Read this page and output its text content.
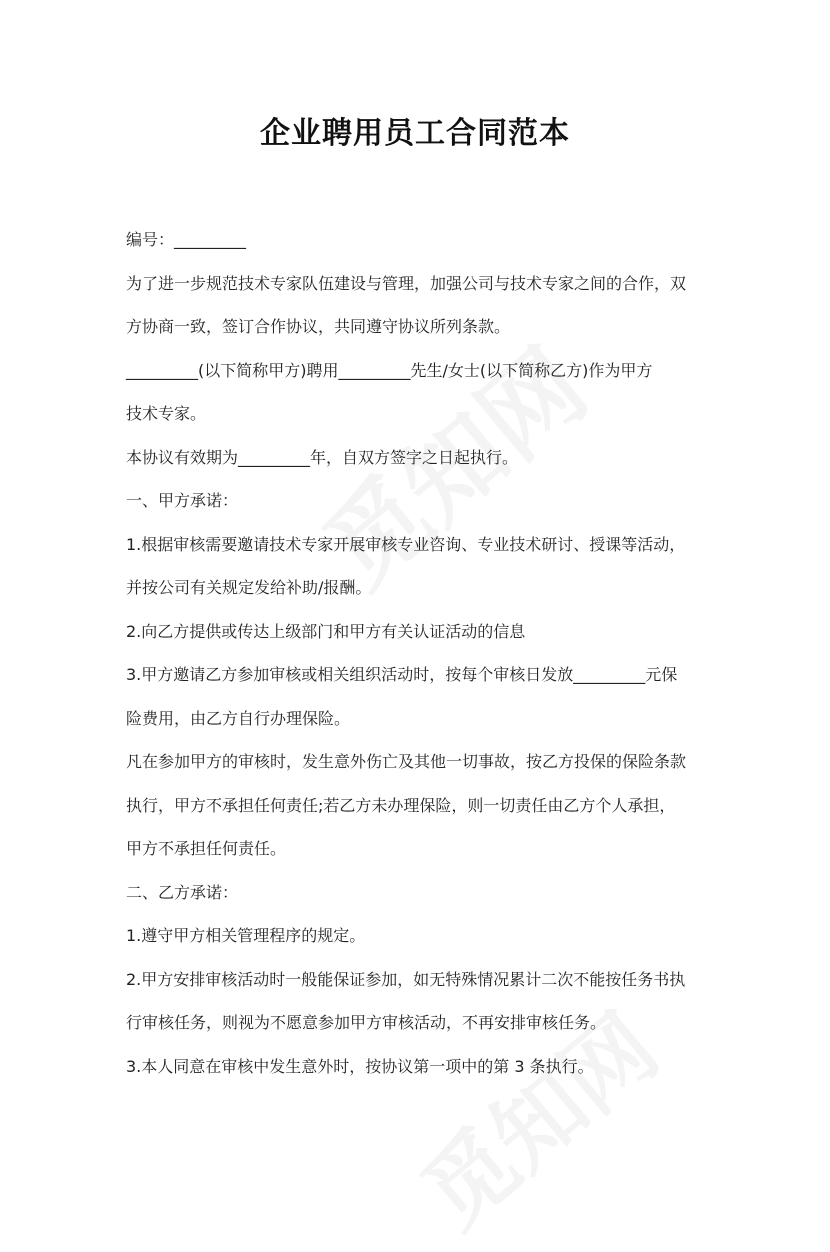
企业聘用员工合同范本
编号：_________
为了进一步规范技术专家队伍建设与管理，加强公司与技术专家之间的合作，双
方协商一致，签订合作协议，共同遵守协议所列条款。
_________(以下简称甲方)聘用_________先生/女士(以下简称乙方)作为甲方
技术专家。
本协议有效期为_________年，自双方签字之日起执行。
一、甲方承诺：
1.根据审核需要邀请技术专家开展审核专业咨询、专业技术研讨、授课等活动，
并按公司有关规定发给补助/报酬。
2.向乙方提供或传达上级部门和甲方有关认证活动的信息
3.甲方邀请乙方参加审核或相关组织活动时，按每个审核日发放_________元保
险费用，由乙方自行办理保险。
凡在参加甲方的审核时，发生意外伤亡及其他一切事故，按乙方投保的保险条款
执行，甲方不承担任何责任;若乙方未办理保险，则一切责任由乙方个人承担，
甲方不承担任何责任。
二、乙方承诺：
1.遵守甲方相关管理程序的规定。
2.甲方安排审核活动时一般能保证参加，如无特殊情况累计二次不能按任务书执
行审核任务，则视为不愿意参加甲方审核活动，不再安排审核任务。
3.本人同意在审核中发生意外时，按协议第一项中的第 3 条执行。
